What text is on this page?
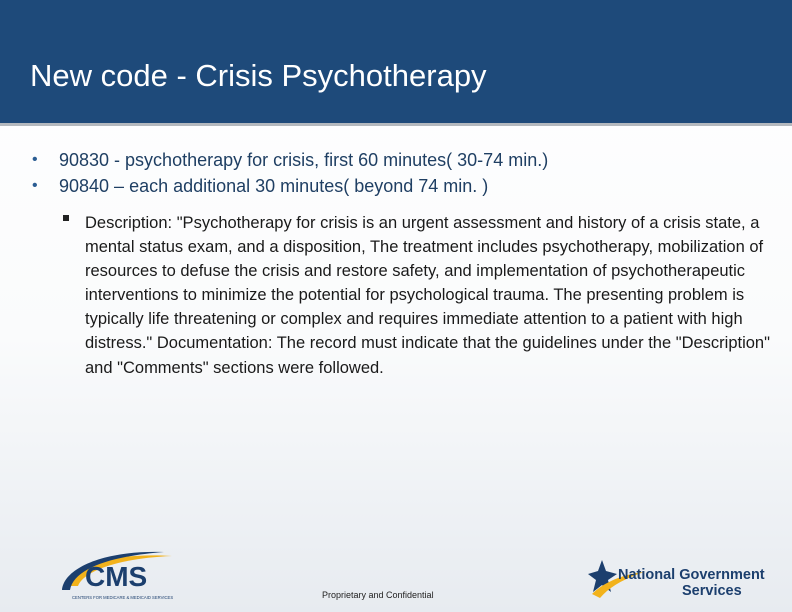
New code - Crisis Psychotherapy
• 90830 - psychotherapy for crisis, first 60 minutes( 30-74 min.)
• 90840 – each additional 30 minutes( beyond 74 min. )
Description: "Psychotherapy for crisis is an urgent assessment and history of a crisis state, a mental status exam, and a disposition, The treatment includes psychotherapy, mobilization of resources to defuse the crisis and restore safety, and implementation of psychotherapeutic interventions to minimize the potential for psychological trauma. The presenting problem is typically life threatening or complex and requires immediate attention to a patient with high distress." Documentation: The record must indicate that the guidelines under the "Description" and "Comments" sections were followed.
CMS
CENTERS FOR MEDICARE & MEDICAID SERVICES	Proprietary and Confidential
National Government
Services
